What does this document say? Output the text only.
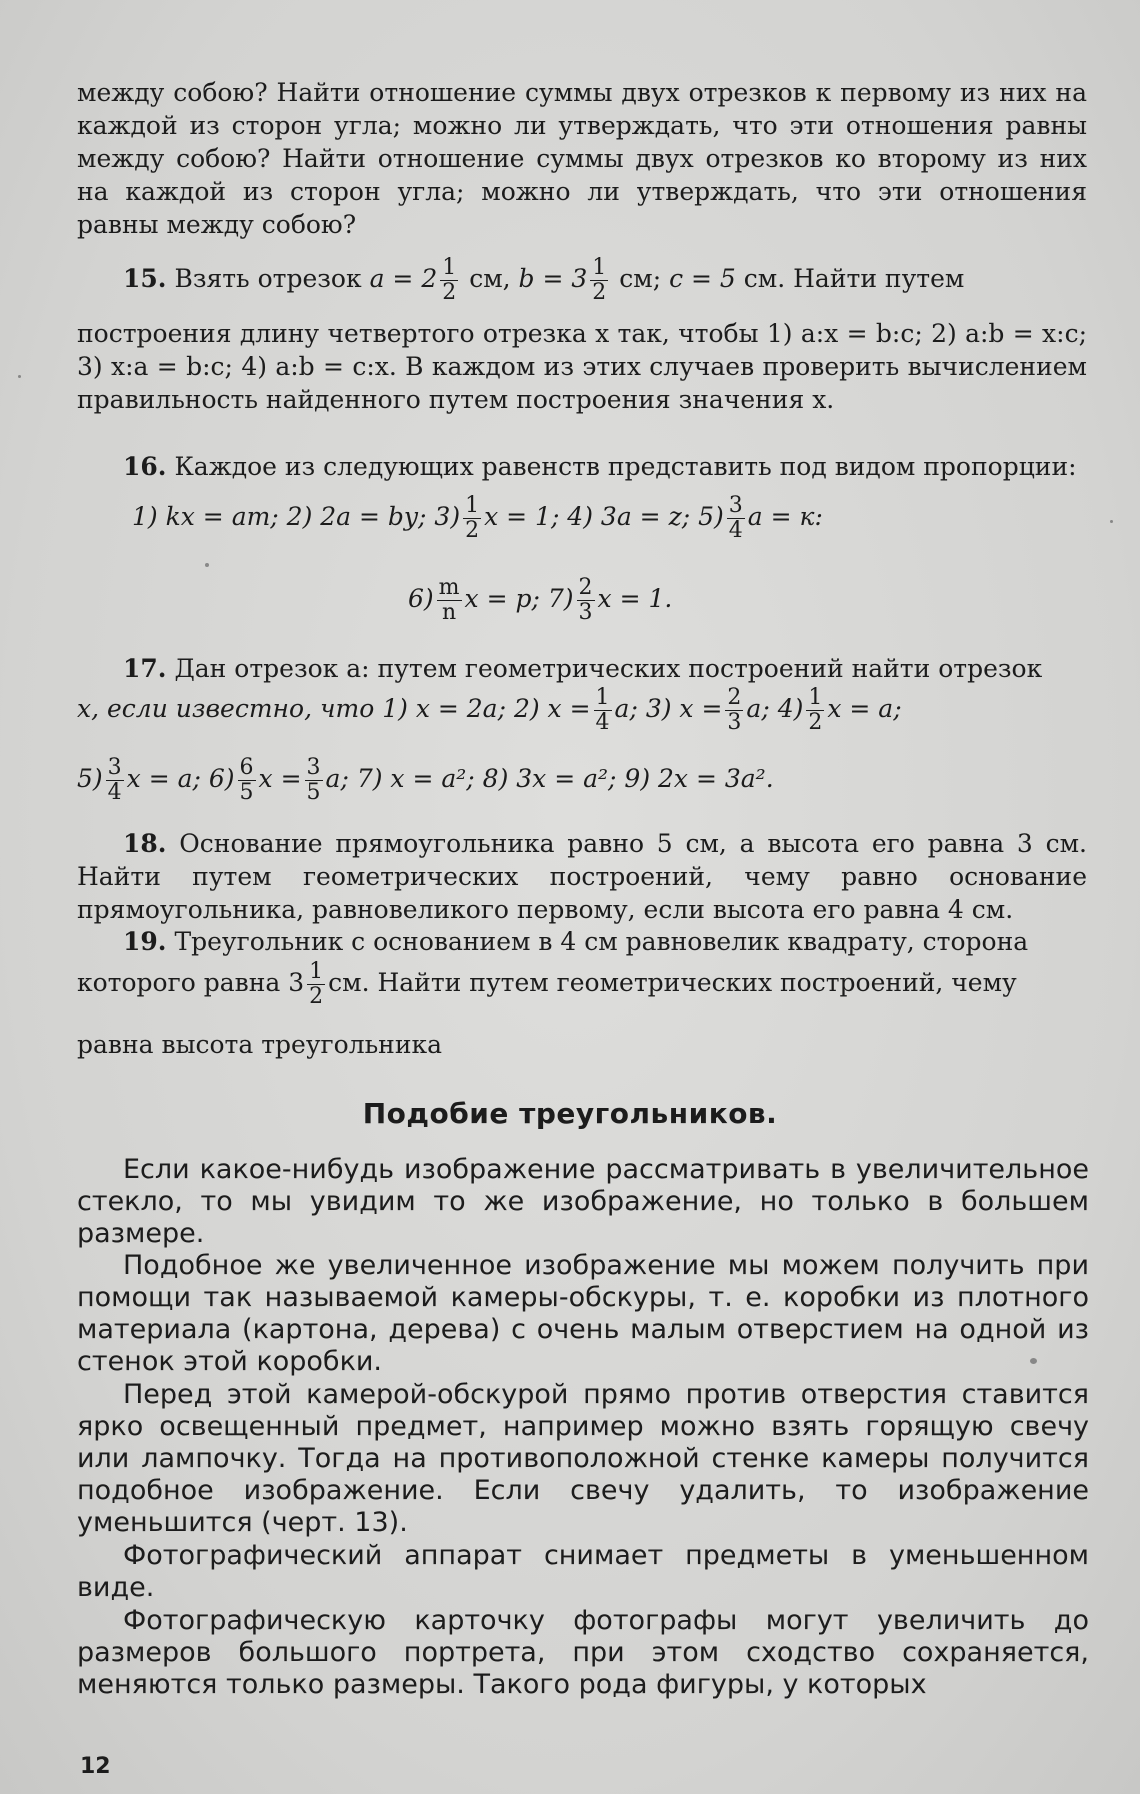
между собою? Найти отношение суммы двух отрезков к первому из них на каждой из сторон угла; можно ли утверждать, что эти отношения равны между собою? Найти отношение суммы двух отрезков ко второму из них на каждой из сторон угла; можно ли утверждать, что эти отношения равны между собою?

15. Взять отрезок $a = 2 \frac{1}{2}$ см, $b = 3 \frac{1}{2}$ см; c = 5 см. Найти путем

построения длину четвертого отрезка x так, чтобы 1) a:x = b:c; 2) a:b = x:c; 3) x:a = b:c; 4) a:b = c:x. В каждом из этих случаев проверить вычислением правильность найденного путем построения значения x.

16. Каждое из следующих равенств представить под видом пропорции:

1) kx = am; 2) 2a = by; $3) \frac{1}{2}$ x = 1; 4) 3a = z; $5) \frac{3}{4}$ a = к:
$6) \frac{m}{n}$ x = p; $7) \frac{2}{3}$ x = 1.

17. Дан отрезок a: путем геометрических построений найти отрезок

x, если известно, что 1) x = 2a; 2) $x = \frac{1}{4} a$; 3) $x = \frac{2}{3} a$; $4) \frac{1}{2}$ x = a;
$5) \frac{3}{4}$ x = a; $6) \frac{6}{5}$ $x = \frac{3}{5} a$; 7) x = a²; 8) 3x = a²; 9) 2x = 3a².

18. Основание прямоугольника равно 5 см, а высота его равна 3 см. Найти путем геометрических построений, чему равно основание прямоугольника, равновеликого первому, если высота его равна 4 см.

19. Треугольник с основанием в 4 см равновелик квадрату, сторона

которого равна $3 \frac{1}{2}$ см. Найти путем геометрических построений, чему
равна высота треугольника
Подобие треугольников.

Если какое-нибудь изображение рассматривать в увеличительное стекло, то мы увидим то же изображение, но только в большем размере.

Подобное же увеличенное изображение мы можем получить при помощи так называемой камеры-обскуры, т. е. коробки из плотного материала (картона, дерева) с очень малым отверстием на одной из стенок этой коробки.

Перед этой камерой-обскурой прямо против отверстия ставится ярко освещенный предмет, например можно взять горящую свечу или лампочку. Тогда на противоположной стенке камеры получится подобное изображение. Если свечу удалить, то изображение уменьшится (черт. 13).

Фотографический аппарат снимает предметы в уменьшенном виде.

Фотографическую карточку фотографы могут увеличить до размеров большого портрета, при этом сходство сохраняется, меняются только размеры. Такого рода фигуры, у которых

12
